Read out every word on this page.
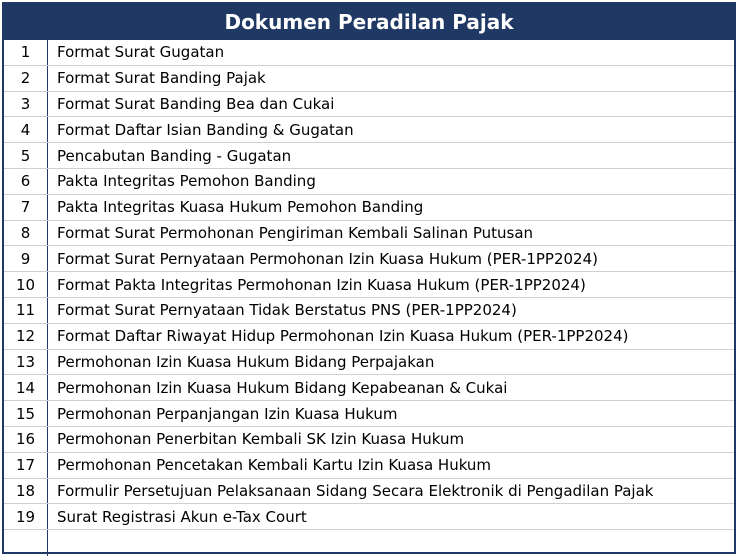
Dokumen Peradilan Pajak
1	Format Surat Gugatan
2	Format Surat Banding Pajak
3	Format Surat Banding Bea dan Cukai
4	Format Daftar Isian Banding & Gugatan
5	Pencabutan Banding - Gugatan
6	Pakta Integritas Pemohon Banding
7	Pakta Integritas Kuasa Hukum Pemohon Banding
8	Format Surat Permohonan Pengiriman Kembali Salinan Putusan
9	Format Surat Pernyataan Permohonan Izin Kuasa Hukum (PER-1PP2024)
10	Format Pakta Integritas Permohonan Izin Kuasa Hukum (PER-1PP2024)
11	Format Surat Pernyataan Tidak Berstatus PNS (PER-1PP2024)
12	Format Daftar Riwayat Hidup Permohonan Izin Kuasa Hukum (PER-1PP2024)
13	Permohonan Izin Kuasa Hukum Bidang Perpajakan
14	Permohonan Izin Kuasa Hukum Bidang Kepabeanan & Cukai
15	Permohonan Perpanjangan Izin Kuasa Hukum
16	Permohonan Penerbitan Kembali SK Izin Kuasa Hukum
17	Permohonan Pencetakan Kembali Kartu Izin Kuasa Hukum
18	Formulir Persetujuan Pelaksanaan Sidang Secara Elektronik di Pengadilan Pajak
19	Surat Registrasi Akun e-Tax Court
